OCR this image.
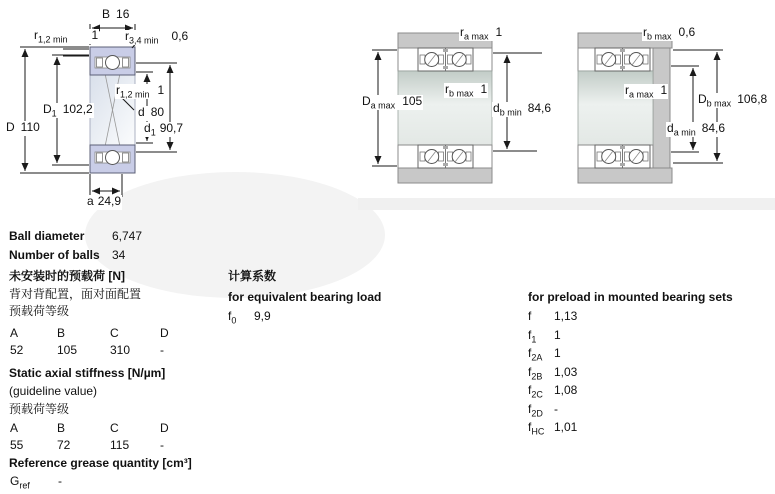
B 16
$r_{1,2 min}$ 1 $r_{3,4 min}$ 0,6
$r_{1,2 min}$ 1
$D_1$ 102,2	d 80
D 110	$d_1$ 90,7
a 24,9
$r_{a max}$ 1
$r_{b max}$ 1
$D_{a max}$ 105	$d_{b min}$ 84,6
$r_{b max}$ 0,6
$r_{a max}$ 1
$D_{b max}$ 106,8
$d_{a min}$ 84,6
Ball diameter 6,747
Number of balls 34
未安装时的预载荷 [N]
背对背配置，面对面配置
预载荷等级
A	B	C	D
52	105	310 -
Static axial stiffness [N/µm]
(guideline value)
预载荷等级
A	B	C	D
55	72	115	-
Reference grease quantity [cm³]
$G_{ref}$ -
计算系数
for equivalent bearing load
$f_0$ 9,9
for preload in mounted bearing sets
f 1,13
$f_1$ 1
$f_{2A}$ 1
$f_{2B}$ 1,03
$f_{2C}$ 1,08
$f_{2D}$ -
$f_{HC}$ 1,01
